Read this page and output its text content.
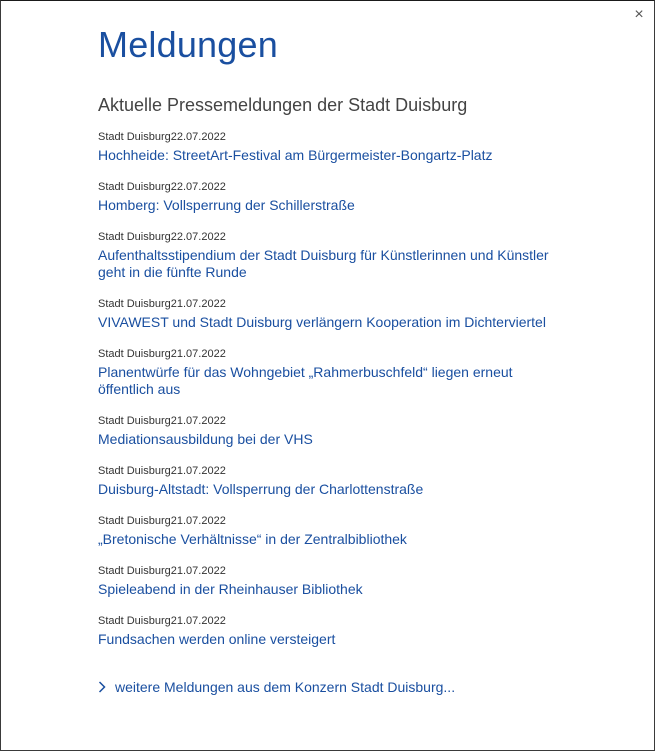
×
Meldungen
Aktuelle Pressemeldungen der Stadt Duisburg
Stadt Duisburg22.07.2022
Hochheide: StreetArt-Festival am Bürgermeister-Bongartz-Platz
Stadt Duisburg22.07.2022
Homberg: Vollsperrung der Schillerstraße
Stadt Duisburg22.07.2022
Aufenthaltsstipendium der Stadt Duisburg für Künstlerinnen und Künstler geht in die fünfte Runde
Stadt Duisburg21.07.2022
VIVAWEST und Stadt Duisburg verlängern Kooperation im Dichterviertel
Stadt Duisburg21.07.2022
Planentwürfe für das Wohngebiet „Rahmerbuschfeld“ liegen erneut öffentlich aus
Stadt Duisburg21.07.2022
Mediationsausbildung bei der VHS
Stadt Duisburg21.07.2022
Duisburg-Altstadt: Vollsperrung der Charlottenstraße
Stadt Duisburg21.07.2022
„Bretonische Verhältnisse“ in der Zentralbibliothek
Stadt Duisburg21.07.2022
Spieleabend in der Rheinhauser Bibliothek
Stadt Duisburg21.07.2022
Fundsachen werden online versteigert
weitere Meldungen aus dem Konzern Stadt Duisburg...
